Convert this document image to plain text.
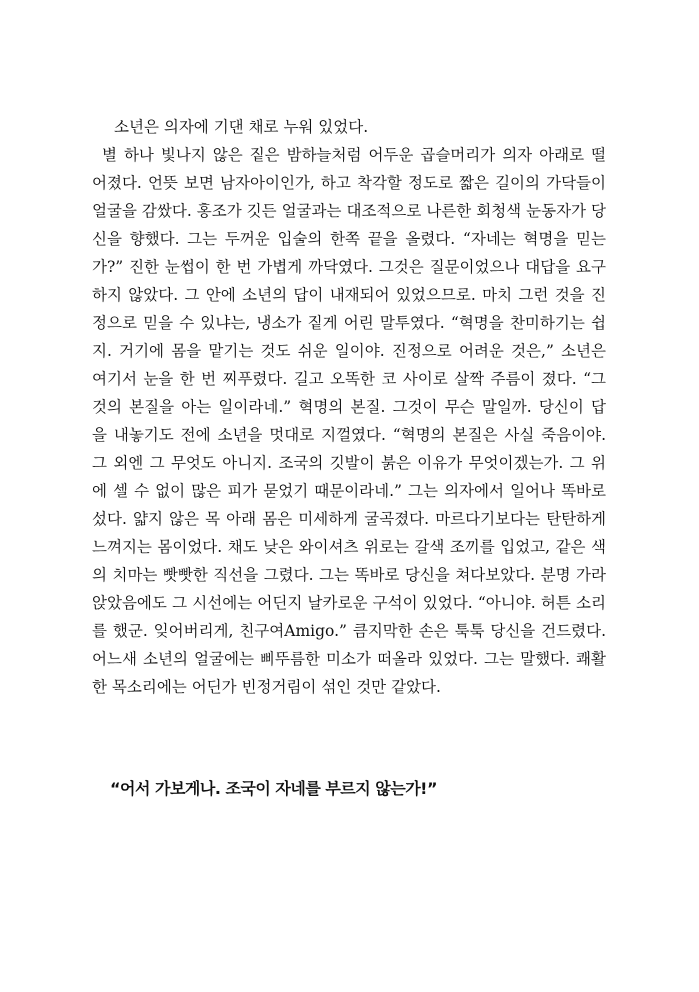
소년은 의자에 기댄 채로 누워 있었다.
별 하나 빛나지 않은 짙은 밤하늘처럼 어두운 곱슬머리가 의자 아래로 떨
어졌다. 언뜻 보면 남자아이인가, 하고 착각할 정도로 짧은 길이의 가닥들이
얼굴을 감쌌다. 홍조가 깃든 얼굴과는 대조적으로 나른한 회청색 눈동자가 당
신을 향했다. 그는 두꺼운 입술의 한쪽 끝을 올렸다. “자네는 혁명을 믿는
가?” 진한 눈썹이 한 번 가볍게 까닥였다. 그것은 질문이었으나 대답을 요구
하지 않았다. 그 안에 소년의 답이 내재되어 있었으므로. 마치 그런 것을 진
정으로 믿을 수 있냐는, 냉소가 짙게 어린 말투였다. “혁명을 찬미하기는 쉽
지. 거기에 몸을 맡기는 것도 쉬운 일이야. 진정으로 어려운 것은,” 소년은
여기서 눈을 한 번 찌푸렸다. 길고 오똑한 코 사이로 살짝 주름이 졌다. “그
것의 본질을 아는 일이라네.” 혁명의 본질. 그것이 무슨 말일까. 당신이 답
을 내놓기도 전에 소년을 멋대로 지껄였다. “혁명의 본질은 사실 죽음이야.
그 외엔 그 무엇도 아니지. 조국의 깃발이 붉은 이유가 무엇이겠는가. 그 위
에 셀 수 없이 많은 피가 묻었기 때문이라네.” 그는 의자에서 일어나 똑바로
섰다. 얇지 않은 목 아래 몸은 미세하게 굴곡졌다. 마르다기보다는 탄탄하게
느껴지는 몸이었다. 채도 낮은 와이셔츠 위로는 갈색 조끼를 입었고, 같은 색
의 치마는 빳빳한 직선을 그렸다. 그는 똑바로 당신을 쳐다보았다. 분명 가라
앉았음에도 그 시선에는 어딘지 날카로운 구석이 있었다. “아니야. 허튼 소리
를 했군. 잊어버리게, 친구여Amigo.” 큼지막한 손은 툭툭 당신을 건드렸다.
어느새 소년의 얼굴에는 삐뚜름한 미소가 떠올라 있었다. 그는 말했다. 쾌활
한 목소리에는 어딘가 빈정거림이 섞인 것만 같았다.
“어서 가보게나. 조국이 자네를 부르지 않는가!”
